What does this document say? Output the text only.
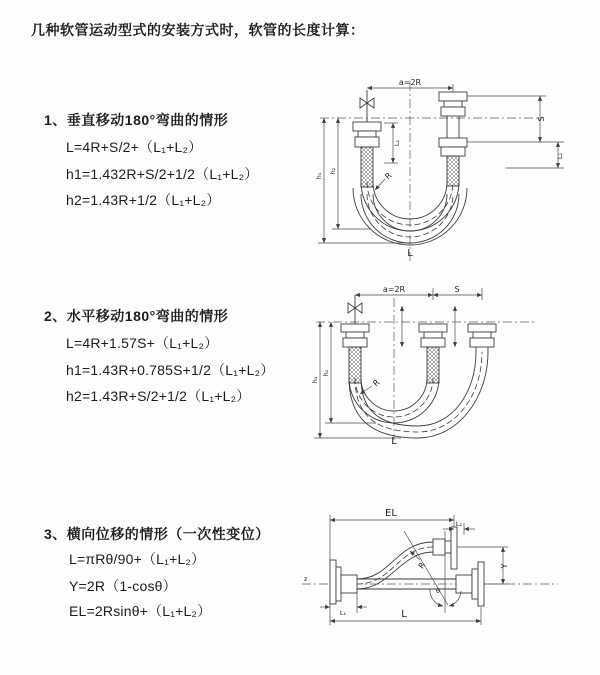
几种软管运动型式的安装方式时，软管的长度计算：
1、垂直移动180°弯曲的情形
L=4R+S/2+（L₁+L₂）
h1=1.432R+S/2+1/2（L₁+L₂）
h2=1.43R+1/2（L₁+L₂）
2、水平移动180°弯曲的情形
L=4R+1.57S+（L₁+L₂）
h1=1.43R+0.785S+1/2（L₁+L₂）
h2=1.43R+S/2+1/2（L₁+L₂）
3、横向位移的情形（一次性变位）
L=πRθ/90+（L₁+L₂）
Y=2R（1-cosθ）
EL=2Rsinθ+（L₁+L₂）
a=2R
L₁
S
L₂
h₂
h₁	R
L
a=2R	S
h₂
h₁	R
L
z
θ
EL
L₂
Y
L₁	L
R
